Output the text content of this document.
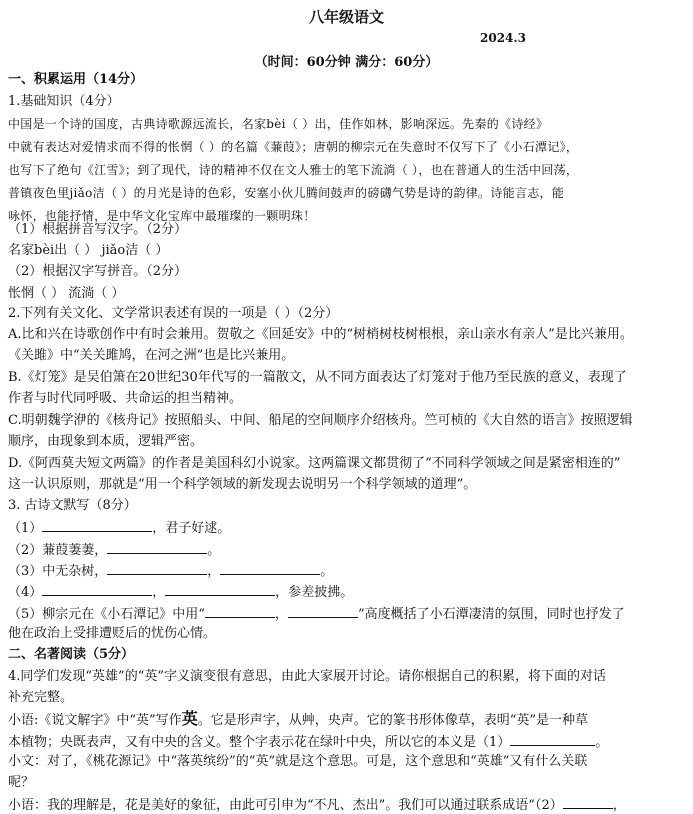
八年级语文
2024.3
（时间：60分钟 满分：60分）
一、积累运用（14分）
1.基础知识（4分）
中国是一个诗的国度，古典诗歌源远流长，名家bèi（ ）出，佳作如林，影响深远。先秦的《诗经》
中就有表达对爱情求而不得的怅惘（ ）的名篇《蒹葭》；唐朝的柳宗元在失意时不仅写下了《小石潭记》，
也写下了绝句《江雪》；到了现代，诗的精神不仅在文人雅士的笔下流淌（ ），也在普通人的生活中回荡，
普镇夜色里jiǎo洁（ ）的月光是诗的色彩，安塞小伙儿腾间鼓声的磅礴气势是诗的韵律。诗能言志，能
咏怀，也能抒情，是中华文化宝库中最璀璨的一颗明珠！
（1）根据拼音写汉字。（2分）
名家bèi出（ ） jiǎo洁（ ）
（2）根据汉字写拼音。（2分）
怅惘（ ） 流淌（ ）
2.下列有关文化、文学常识表述有误的一项是（ ）（2分）
A.比和兴在诗歌创作中有时会兼用。贺敬之《回延安》中的“树梢树枝树根根，亲山亲水有亲人”是比兴兼用。
《关雎》中“关关雎鸠，在河之洲”也是比兴兼用。
B.《灯笼》是吴伯箫在20世纪30年代写的一篇散文，从不同方面表达了灯笼对于他乃至民族的意义，表现了
作者与时代同呼吸、共命运的担当精神。
C.明朝魏学洢的《核舟记》按照船头、中间、船尾的空间顺序介绍核舟。竺可桢的《大自然的语言》按照逻辑
顺序，由现象到本质，逻辑严密。
D.《阿西莫夫短文两篇》的作者是美国科幻小说家。这两篇课文都贯彻了“不同科学领域之间是紧密相连的”
这一认识原则，那就是“用一个科学领域的新发现去说明另一个科学领域的道理”。
3. 古诗文默写（8分）
（1）	，君子好逑。
（2）蒹葭萋萋，	。
（3）中无杂树，	，	。
（4）	，	，参差披拂。
（5）柳宗元在《小石潭记》中用“	，	”高度概括了小石潭凄清的氛围，同时也抒发了
他在政治上受排遭贬后的忧伤心情。
二、名著阅读（5分）
4.同学们发现“英雄”的“英”字义演变很有意思，由此大家展开讨论。请你根据自己的积累，将下面的对话
补充完整。
小语:《说文解字》中“英”写作英。它是形声字，从艸，央声。它的篆书形体像草，表明“英”是一种草
本植物；央既表声，又有中央的含义。整个字表示花在绿叶中央，所以它的本义是（1）	。
小文：对了，《桃花源记》中“落英缤纷”的“英”就是这个意思。可是，这个意思和“英雄”又有什么关联
呢？
小语：我的理解是，花是美好的象征，由此可引申为“不凡、杰出”。我们可以通过联系成语“（2）	，
